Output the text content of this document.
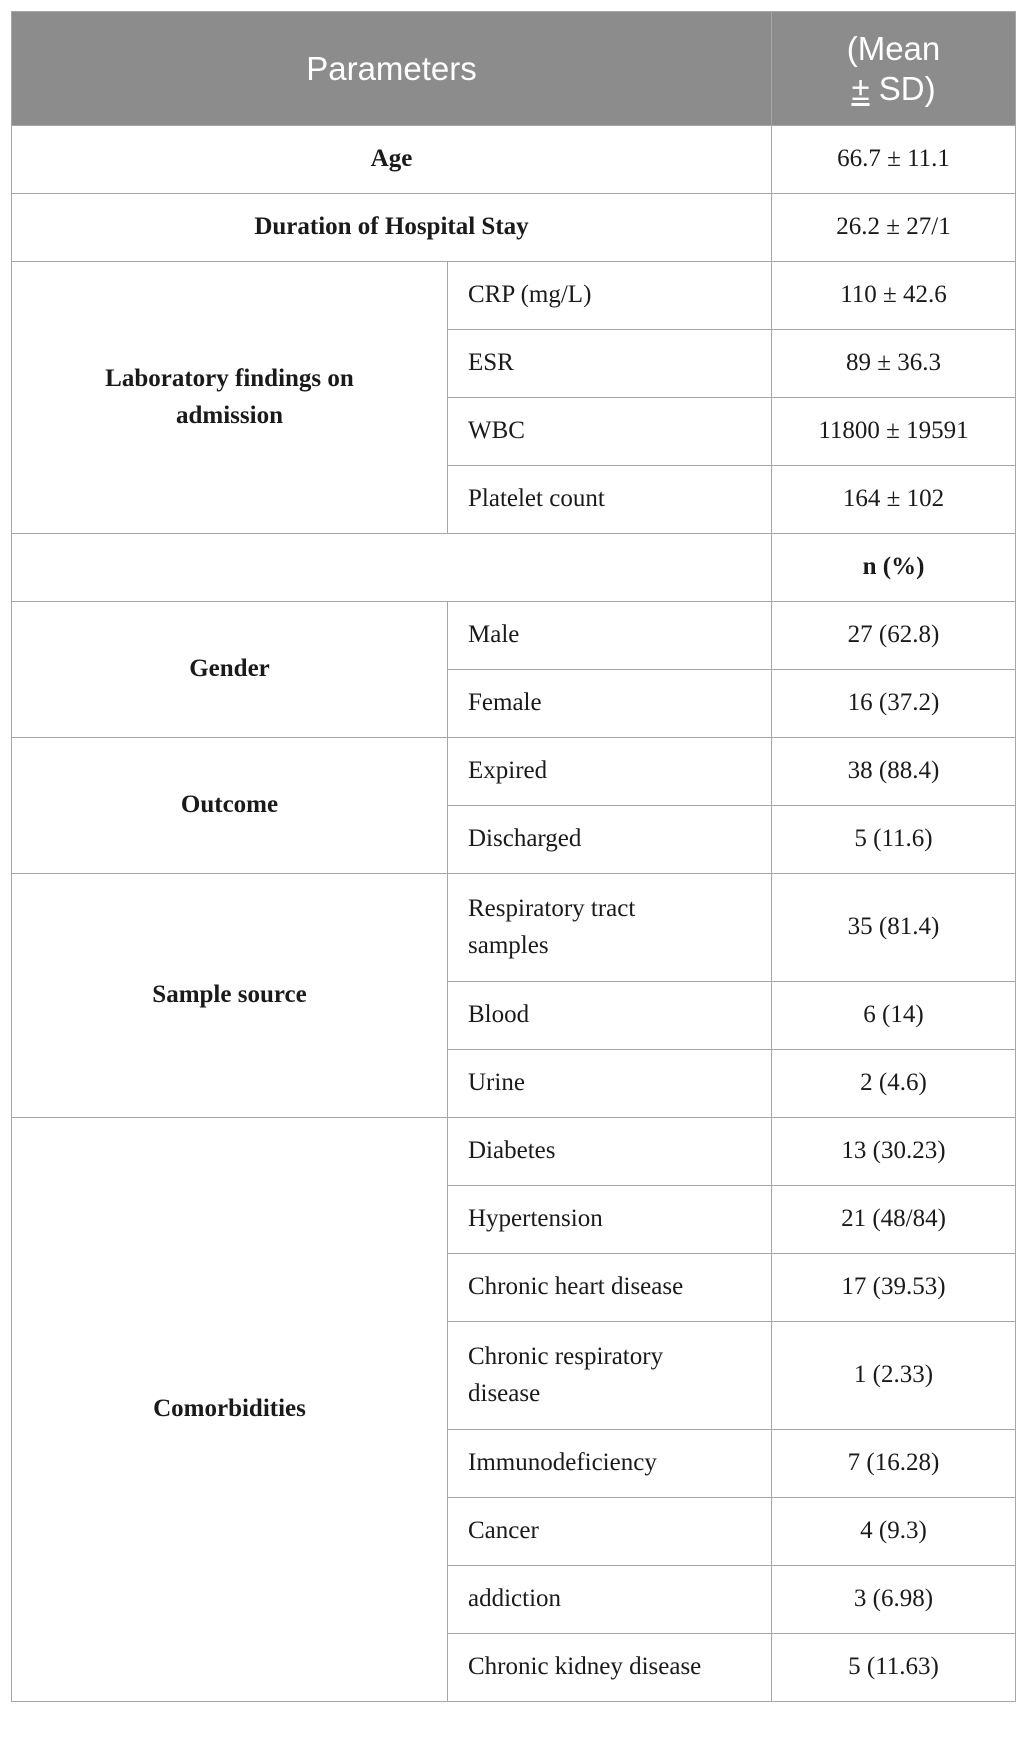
Parameters		(Mean
± SD)
Age		66.7 ± 11.1
Duration of Hospital Stay		26.2 ± 27/1
Laboratory findings on admission	CRP (mg/L)	110 ± 42.6
	ESR	89 ± 36.3
	WBC	11800 ± 19591
	Platelet count	164 ± 102
		n (%)
Gender	Male	27 (62.8)
	Female	16 (37.2)
Outcome	Expired	38 (88.4)
	Discharged	5 (11.6)
Sample source	Respiratory tract samples	35 (81.4)
	Blood	6 (14)
	Urine	2 (4.6)
Comorbidities	Diabetes	13 (30.23)
	Hypertension	21 (48/84)
	Chronic heart disease	17 (39.53)
	Chronic respiratory disease	1 (2.33)
	Immunodeficiency	7 (16.28)
	Cancer	4 (9.3)
	addiction	3 (6.98)
	Chronic kidney disease	5 (11.63)
